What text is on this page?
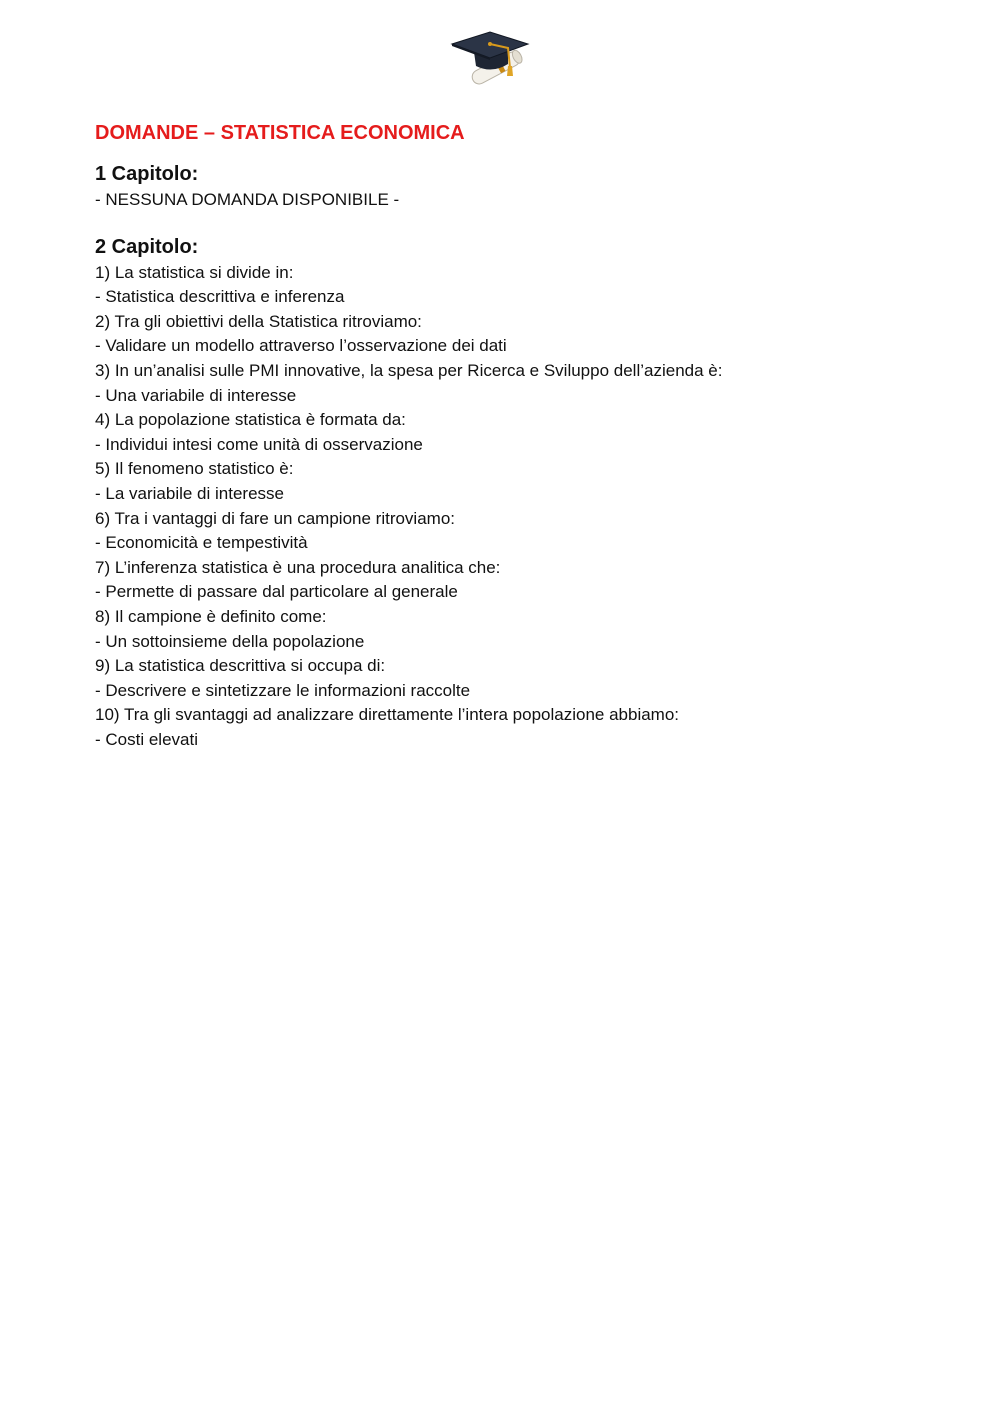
DOMANDE – STATISTICA ECONOMICA
1 Capitolo:
- NESSUNA DOMANDA DISPONIBILE -
2 Capitolo:
1) La statistica si divide in:
- Statistica descrittiva e inferenza
2) Tra gli obiettivi della Statistica ritroviamo:
- Validare un modello attraverso l’osservazione dei dati
3) In un’analisi sulle PMI innovative, la spesa per Ricerca e Sviluppo dell’azienda è:
- Una variabile di interesse
4) La popolazione statistica è formata da:
- Individui intesi come unità di osservazione
5) Il fenomeno statistico è:
- La variabile di interesse
6) Tra i vantaggi di fare un campione ritroviamo:
- Economicità e tempestività
7) L’inferenza statistica è una procedura analitica che:
- Permette di passare dal particolare al generale
8) Il campione è definito come:
- Un sottoinsieme della popolazione
9) La statistica descrittiva si occupa di:
- Descrivere e sintetizzare le informazioni raccolte
10) Tra gli svantaggi ad analizzare direttamente l’intera popolazione abbiamo:
- Costi elevati
